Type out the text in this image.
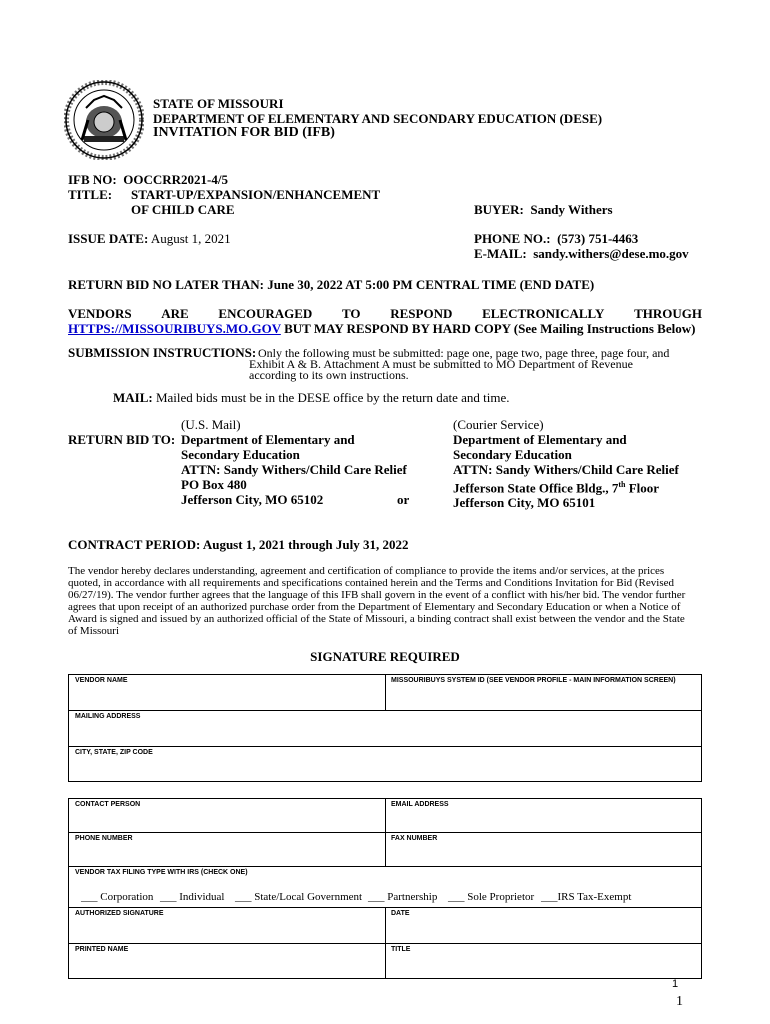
STATE OF MISSOURI
DEPARTMENT OF ELEMENTARY AND SECONDARY EDUCATION (DESE)
INVITATION FOR BID (IFB)
IFB NO: OOCCRR2021-4/5
TITLE: START-UP/EXPANSION/ENHANCEMENT
OF CHILD CARE	BUYER: Sandy Withers
ISSUE DATE: August 1, 2021	PHONE NO.: (573) 751-4463
E-MAIL: sandy.withers@dese.mo.gov
RETURN BID NO LATER THAN: June 30, 2022 AT 5:00 PM CENTRAL TIME (END DATE)
VENDORS ARE ENCOURAGED TO RESPOND ELECTRONICALLY THROUGH
HTTPS://MISSOURIBUYS.MO.GOV BUT MAY RESPOND BY HARD COPY (See Mailing Instructions Below)
SUBMISSION INSTRUCTIONS: Only the following must be submitted: page one, page two, page three, page four, and
Exhibit A & B. Attachment A must be submitted to MO Department of Revenue
according to its own instructions.
MAIL: Mailed bids must be in the DESE office by the return date and time.
RETURN BID TO:
(U.S. Mail)
Department of Elementary and
Secondary Education
ATTN: Sandy Withers/Child Care Relief
PO Box 480
Jefferson City, MO 65102	or
(Courier Service)
Department of Elementary and
Secondary Education
ATTN: Sandy Withers/Child Care Relief
Jefferson State Office Bldg., 7th Floor
Jefferson City, MO 65101
CONTRACT PERIOD: August 1, 2021 through July 31, 2022
The vendor hereby declares understanding, agreement and certification of compliance to provide the items and/or services, at the prices
quoted, in accordance with all requirements and specifications contained herein and the Terms and Conditions Invitation for Bid (Revised
06/27/19). The vendor further agrees that the language of this IFB shall govern in the event of a conflict with his/her bid. The vendor further
agrees that upon receipt of an authorized purchase order from the Department of Elementary and Secondary Education or when a Notice of
Award is signed and issued by an authorized official of the State of Missouri, a binding contract shall exist between the vendor and the State
of Missouri
SIGNATURE REQUIRED
VENDOR NAME	MISSOURIBUYS SYSTEM ID (SEE VENDOR PROFILE - MAIN INFORMATION SCREEN)
MAILING ADDRESS
CITY, STATE, ZIP CODE
CONTACT PERSON	EMAIL ADDRESS
PHONE NUMBER	FAX NUMBER
VENDOR TAX FILING TYPE WITH IRS (CHECK ONE)
___ Corporation ___ Individual ___ State/Local Government ___ Partnership ___ Sole Proprietor ___IRS Tax-Exempt
AUTHORIZED SIGNATURE	DATE
PRINTED NAME	TITLE
1
1
